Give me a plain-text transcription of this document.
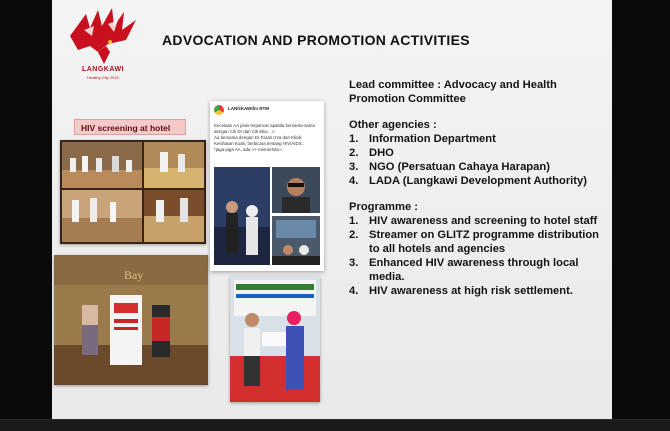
LANGKAWI
Healthy City 2019
ADVOCATION AND PROMOTION ACTIVITIES
HIV screening at hotel
Bay
LANGKAWIfm RTM

Kecelaan AA jelas terpancar apabila bersama-sama dengan Cik Dr dan Cik Mioi.. ☺

Aa bersama dengan Dr Farah Izza dari Klinik Kesihatan Kuah, berbicara tentang HIV/AIDS..

*jaga-jaga AA, ada >> memerhati☺

Lead committee : Advocacy and Health Promotion Committee
Other agencies :
1. Information Department
2. DHO
3. NGO (Persatuan Cahaya Harapan)
4. LADA (Langkawi Development Authority)
Programme :
1. HIV awareness and screening to hotel staff
2. Streamer on GLITZ programme distribution to all hotels and agencies
3. Enhanced HIV awareness through local media.
4. HIV awareness at high risk settlement.
